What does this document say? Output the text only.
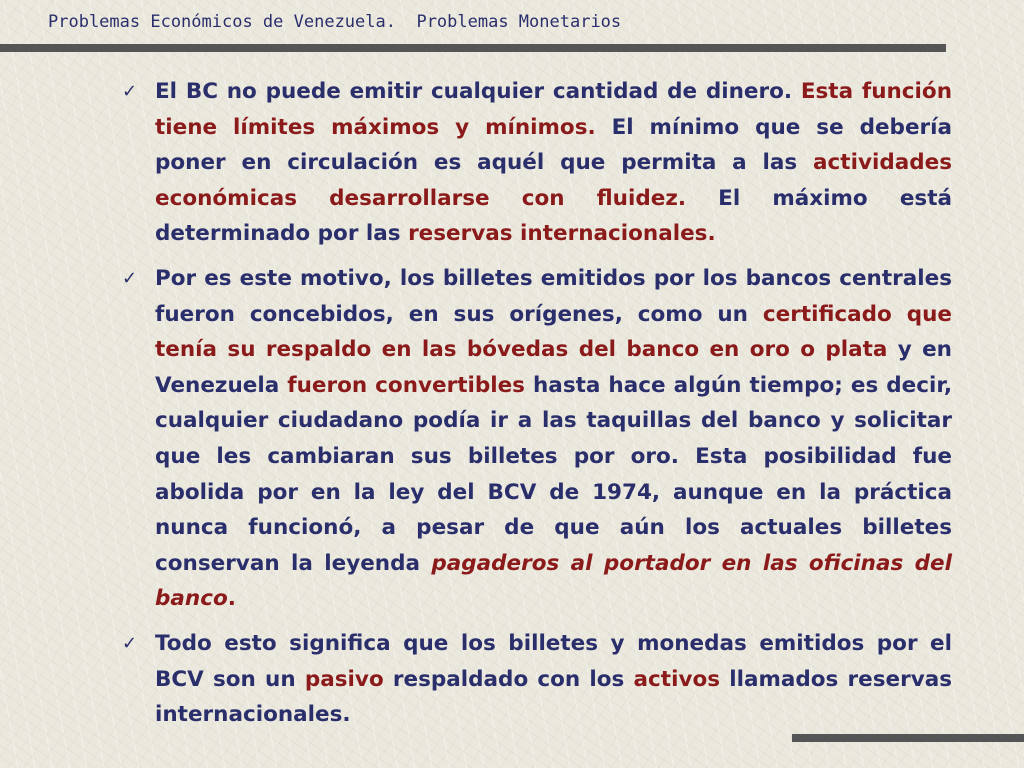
Problemas Económicos de Venezuela.  Problemas Monetarios
✓ El BC no puede emitir cualquier cantidad de dinero. Esta función tiene límites máximos y mínimos. El mínimo que se debería poner en circulación es aquél que permita a las actividades económicas desarrollarse con fluidez. El máximo está determinado por las reservas internacionales.
✓ Por es este motivo, los billetes emitidos por los bancos centrales fueron concebidos, en sus orígenes, como un certificado que tenía su respaldo en las bóvedas del banco en oro o plata y en Venezuela fueron convertibles hasta hace algún tiempo; es decir, cualquier ciudadano podía ir a las taquillas del banco y solicitar que les cambiaran sus billetes por oro. Esta posibilidad fue abolida por en la ley del BCV de 1974, aunque en la práctica nunca funcionó, a pesar de que aún los actuales billetes conservan la leyenda pagaderos al portador en las oficinas del banco.
✓ Todo esto significa que los billetes y monedas emitidos por el BCV son un pasivo respaldado con los activos llamados reservas internacionales.
